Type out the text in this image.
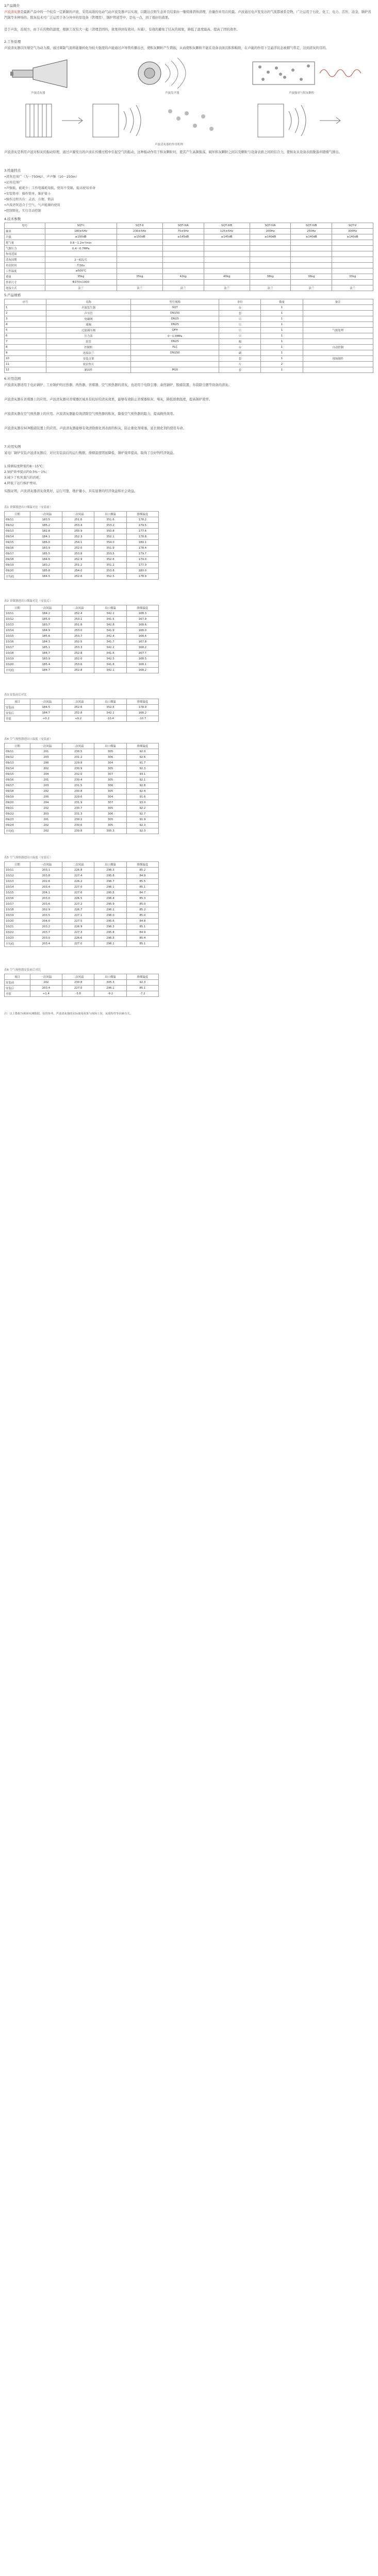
1产品简介

声波清灰器是最新产品中的一个较有一定新颖的声波，采用高效的电动气动声波及器声以实现，以随达良则生态并且结束由一继续排潜纳清理，治量台并用在的最。声波通过电声发发出的气流都被系是物，广泛运用于石化、化工、电力、活压、冶金、锅炉蒸汽锅等多种场的、除灰技术可广泛运用于各分外中的原设备（管理用）、锅炉管道等中，是电一点，到了很好的效果。

是于声波，治现方，由于在的物的温度，根据工况有大一起（清理是固的，效果得到有效对，实施），有效的避免了结灰的现象，降低了温度最高，提高了固的效率。

2.工作原理

声波清灰器以压缩空气为动力源，通过调制气流将能量转化为较大强度的声能通过声导管传播出去，使积灰颗粒产生谐振，从而使积灰颗粒不能在设备表面沉积和粘附，在声能的作用下呈悬浮状态被烟气带走，达到清灰的目的。

声波清灰器	声波发声器	声波频率与积灰颗粒
声波清灰器的作用机理

声波清灰是利用声波对积灰的振动原理，通过声源发出的声波在传播过程中引起空气的振动，这种振动作用于积灰颗粒时，使其产生高频振荡，破坏积灰颗粒之间以及颗粒与设备表面之间的结合力，使积灰从设备表面脱落并随烟气排出。

3.性能特点
•清灰范围广（为一750Hz），声声频（10～250m）
•运用范围广
•声强低，能耗少；工作电器耗用低，使用不受限，提高使用寿命
•安装简单：操作简单，维护量小
•操作过程具有：灵活、方便、简洁
•声波清灰适合于空气，气声能源的使用
•控制简化，实行自动控制
4.技术参数
型号	SQT-I	SQT-II	SQT-IIIA	SQT-IIIB	SQT-IVA	SQT-IVB	SQT-V
频率	180±5Hz	230±5Hz	75±5Hz	125±5Hz	200Hz	250Hz	300Hz
声强	≥150dB	≥150dB	≥145dB	≥145dB	≥140dB	≥140dB	≥140dB
耗气量	0.8～1.2m³/min						
气源压力	0.4～0.7MPa						
作用范围							
清灰周期	2～6次/天						
单次时间	约30s						
工作温度	≤500℃						
重量	35kg	35kg	42kg	40kg	38kg	36kg	33kg
外形尺寸	Φ270×1000						
连接方式	法兰	法兰	法兰	法兰	法兰	法兰	法兰
5.产品规格
序号	名称	型号规格	单位	数量	备注
1	声波发生器	SQT	台	1	
2	声导管	DN150	套	1	
3	电磁阀	DN25	只	1	
4	球阀	DN25	只	1	
5	过滤减压阀	QFH	只	1	气源处理
6	压力表	0～1.0MPa	只	1	
7	软管	DN25	根	1	
8	控制柜	PLC	台	1	自动控制
9	连接法兰	DN150	副	1	
10	安装支架		套	1	现场制作
11	密封垫片		片	2	
12	紧固件	M16	套	1	
6.应用范围

声波清灰器适用于电站锅炉、工业锅炉的过热器、再热器、省煤器、空气预热器的清灰，也适用于电除尘器、余热锅炉、脱硝装置、布袋除尘器等设备的清灰。

声波清灰器在省煤器上的应用。声波清灰器对省煤器区域具有较好的清灰效果，能够有效防止省煤器积灰、堵灰，降低排烟温度，提高锅炉效率。

声波清灰器在空气预热器上的应用。声波清灰器能有效清除空气预热器的积灰，降低空气预热器的阻力，提高换热效率。

声波清灰器在SCR脱硝装置上的应用。声波清灰器能够有效清除催化剂表面的积灰，防止催化剂堵塞，延长催化剂的使用寿命。

7.应用实例

某电厂锅炉安装声波清灰器后，对比安装前后的运行数据，排烟温度明显降低，锅炉效率提高，取得了良好的经济效益。

1.排烟温度降低约8～15℃；
2.锅炉效率提高约0.5%～1%；
3.减少了吹灰蒸汽的消耗；
4.降低了运行维护费用。

实践证明，声波清灰器清灰效果好，运行可靠，维护量小，具有显著的经济效益和社会效益。

表1 省煤器进出口烟温对比（安装前）
日期	一次风温	二次风温	出口烟温	排烟温度
09/11	183.5	251.6	351.6	178.2
09/12	185.2	253.4	353.2	179.5
09/13	182.8	250.9	350.8	177.6
09/14	184.1	252.3	352.1	178.8
09/15	186.0	254.1	354.0	180.1
09/16	183.9	252.0	351.9	178.4
09/17	185.5	253.8	353.5	179.7
09/18	184.6	252.9	352.6	179.0
09/19	183.2	251.2	351.2	177.9
09/20	185.8	254.0	353.8	180.0
平均值	184.5	252.6	352.5	178.9
表2 省煤器进出口烟温对比（安装后）
日期	一次风温	二次风温	出口烟温	排烟温度
10/11	184.2	252.4	342.1	168.3
10/12	185.0	253.1	341.5	167.9
10/13	183.7	251.8	342.8	168.6
10/14	184.9	253.0	341.9	168.0
10/15	185.6	253.7	342.4	168.4
10/16	184.3	252.5	341.7	167.8
10/17	185.1	253.3	342.2	168.2
10/18	184.7	252.8	341.6	167.7
10/19	183.9	252.0	342.5	168.5
10/20	185.4	253.6	341.8	168.1
平均值	184.7	252.8	342.1	168.2
表3 安装前后对比
项目	一次风温	二次风温	出口烟温	排烟温度
安装前	184.5	252.6	352.5	178.9
安装后	184.7	252.8	342.1	168.2
差值	+0.2	+0.2	-10.4	-10.7
表4 空气预热器进出口温度（安装前）
日期	一次风温	二次风温	出口烟温	排烟温度
09/11	201	230.5	305	92.0
09/12	203	231.2	306	92.6
09/13	200	229.8	304	91.7
09/14	202	230.9	305	92.3
09/15	204	232.0	307	93.1
09/16	201	230.4	305	92.1
09/17	203	231.5	306	92.8
09/18	202	230.8	305	92.4
09/19	200	229.6	304	91.6
09/20	204	231.9	307	93.0
09/21	202	230.7	305	92.2
09/22	203	231.3	306	92.7
09/23	201	230.2	305	91.9
09/24	202	230.6	305	92.3
平均值	202	230.8	305.3	92.3
表5 空气预热器进出口温度（安装后）
日期	一次风温	二次风温	出口烟温	排烟温度
10/11	203.1	226.8	296.3	85.2
10/12	203.8	227.4	295.8	84.9
10/13	202.6	226.2	296.7	85.5
10/14	203.4	227.0	296.1	85.1
10/15	204.1	227.6	295.5	84.7
10/16	203.0	226.5	296.4	85.3
10/17	203.6	227.2	295.9	85.0
10/18	202.9	226.7	296.2	85.2
10/19	203.5	227.1	296.0	85.0
10/20	204.0	227.5	295.6	84.8
10/21	203.2	226.9	296.3	85.1
10/22	203.7	227.3	295.8	84.9
10/23	203.0	226.6	296.5	85.4
平均值	203.4	227.0	296.1	85.1
表6 空气预热器安装前后对比
项目	一次风温	二次风温	出口烟温	排烟温度
安装前	202	230.8	305.3	92.3
安装后	203.4	227.0	296.1	85.1
差值	+1.4	-3.8	-9.2	-7.2
注：以上数据为现场实测数据，仅供参考。声波清灰器的实际使用效果与现场工况、灰质特性等因素有关。
